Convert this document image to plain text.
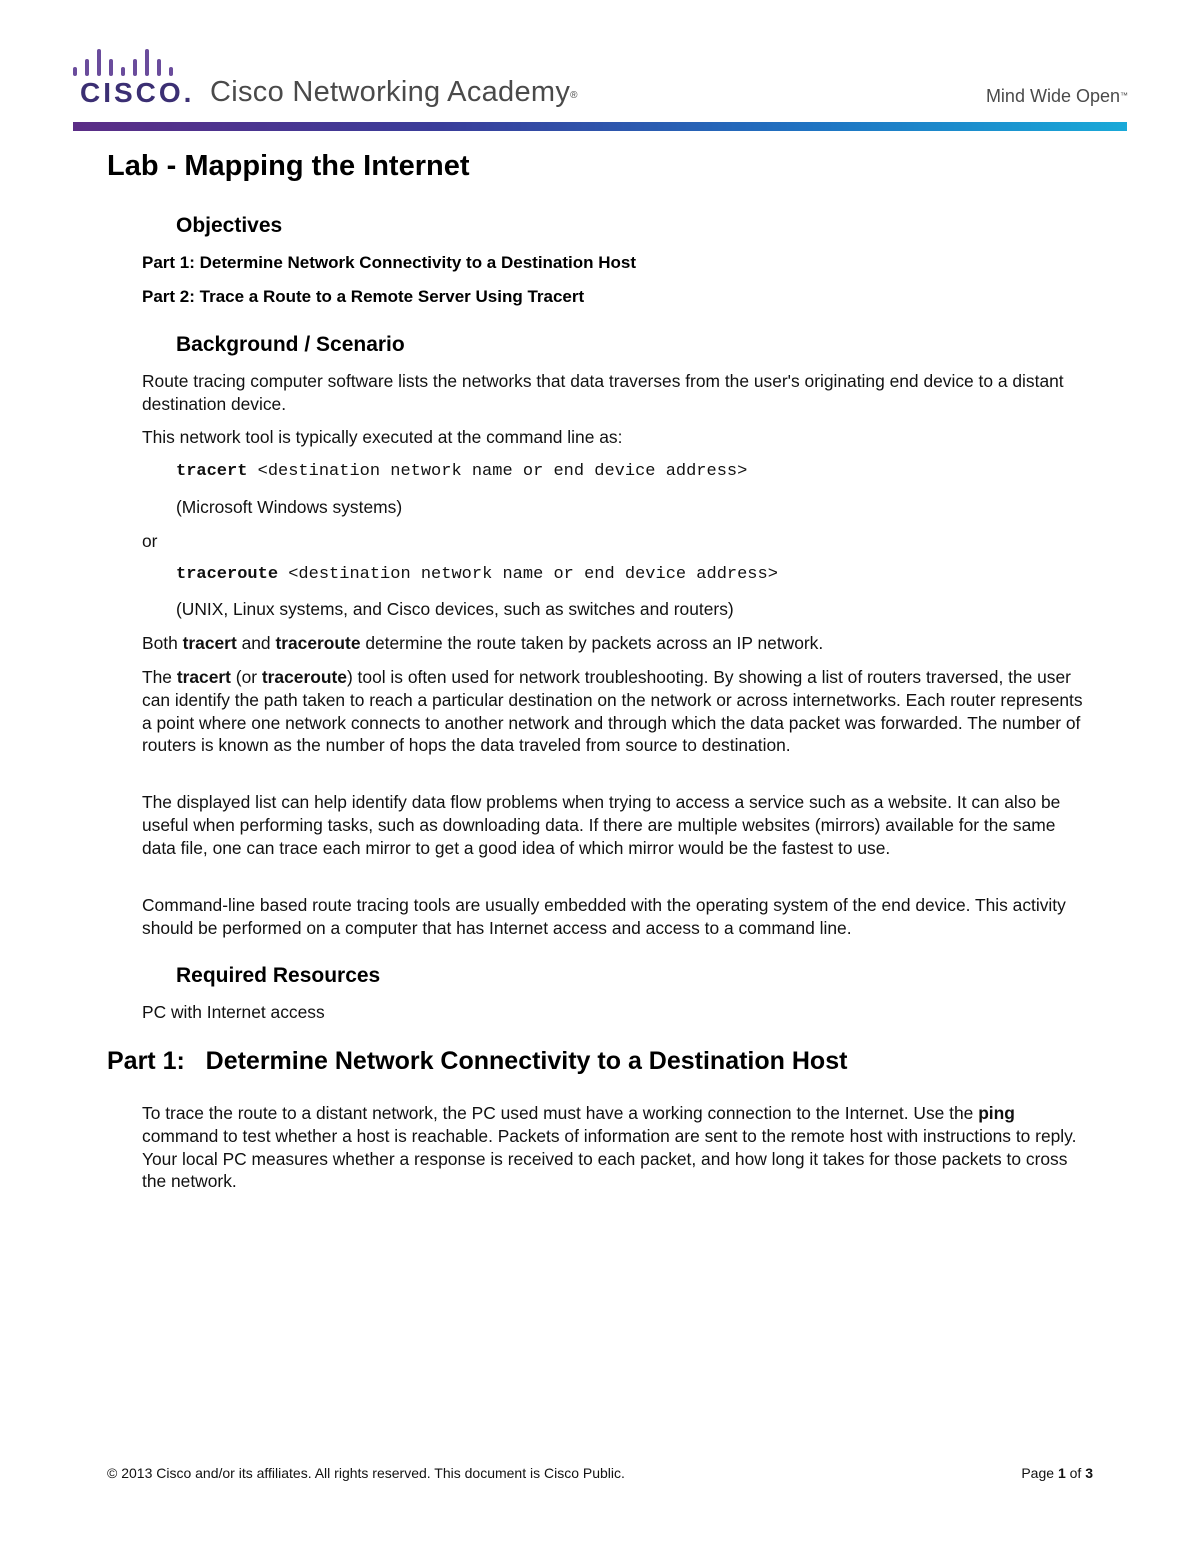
CISCO. Cisco Networking Academy®	Mind Wide Open™
Lab - Mapping the Internet
Objectives
Part 1: Determine Network Connectivity to a Destination Host
Part 2: Trace a Route to a Remote Server Using Tracert
Background / Scenario
Route tracing computer software lists the networks that data traverses from the user's originating end device to a distant destination device.
This network tool is typically executed at the command line as:
tracert <destination network name or end device address>
(Microsoft Windows systems)
or
traceroute <destination network name or end device address>
(UNIX, Linux systems, and Cisco devices, such as switches and routers)
Both tracert and traceroute determine the route taken by packets across an IP network.
The tracert (or traceroute) tool is often used for network troubleshooting. By showing a list of routers traversed, the user can identify the path taken to reach a particular destination on the network or across internetworks. Each router represents a point where one network connects to another network and through which the data packet was forwarded. The number of routers is known as the number of hops the data traveled from source to destination.
The displayed list can help identify data flow problems when trying to access a service such as a website. It can also be useful when performing tasks, such as downloading data. If there are multiple websites (mirrors) available for the same data file, one can trace each mirror to get a good idea of which mirror would be the fastest to use.
Command-line based route tracing tools are usually embedded with the operating system of the end device. This activity should be performed on a computer that has Internet access and access to a command line.
Required Resources
PC with Internet access
Part 1:   Determine Network Connectivity to a Destination Host
To trace the route to a distant network, the PC used must have a working connection to the Internet. Use the ping command to test whether a host is reachable. Packets of information are sent to the remote host with instructions to reply. Your local PC measures whether a response is received to each packet, and how long it takes for those packets to cross the network.
© 2013 Cisco and/or its affiliates. All rights reserved. This document is Cisco Public.	Page 1 of 3
